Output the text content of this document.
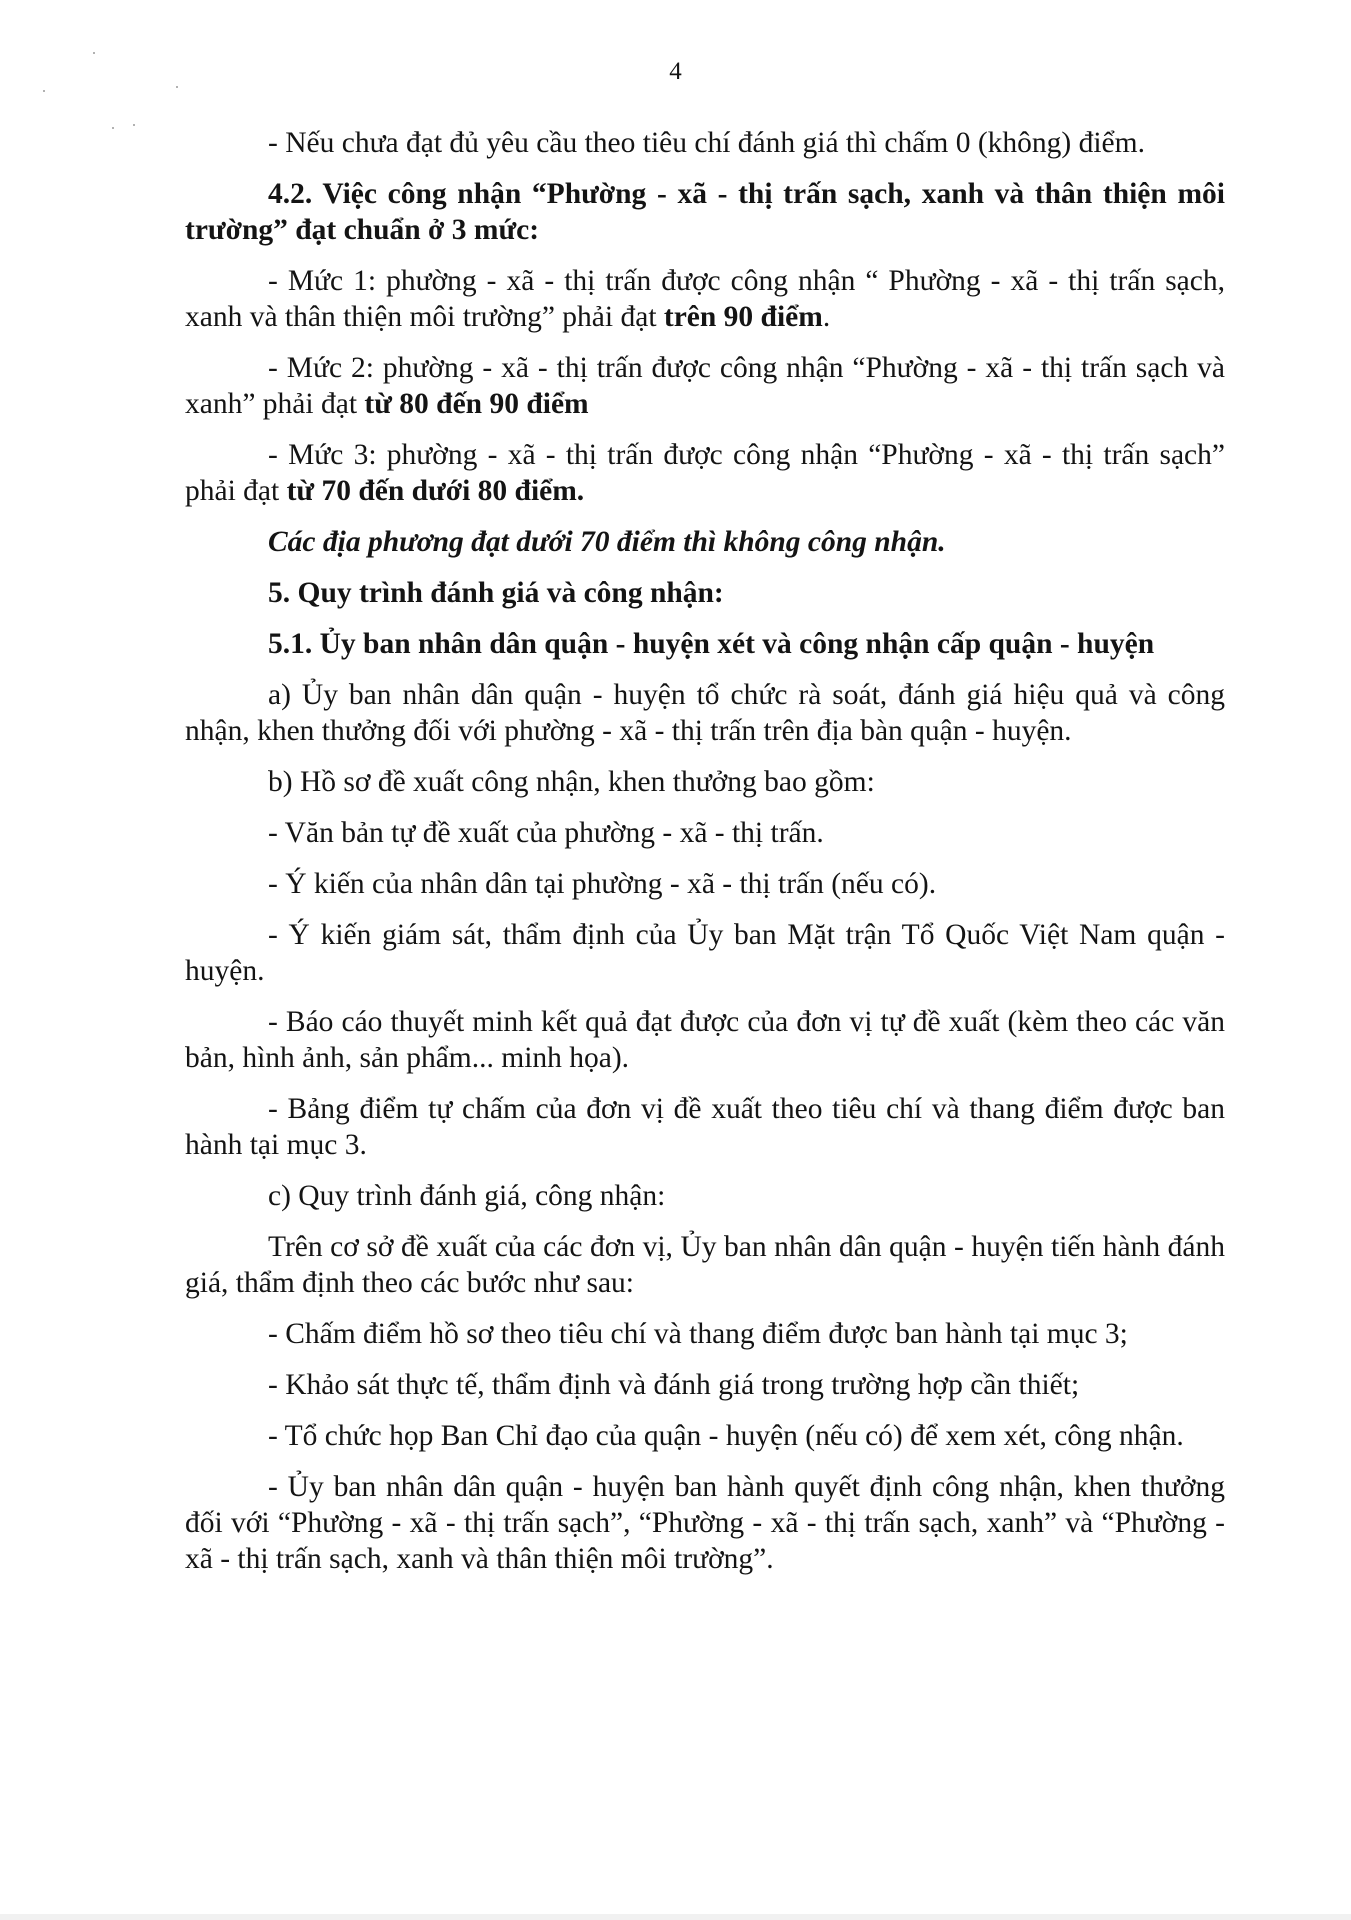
4

- Nếu chưa đạt đủ yêu cầu theo tiêu chí đánh giá thì chấm 0 (không) điểm.

4.2. Việc công nhận “Phường - xã - thị trấn sạch, xanh và thân thiện môi trường” đạt chuẩn ở 3 mức:

- Mức 1: phường - xã - thị trấn được công nhận “ Phường - xã - thị trấn sạch, xanh và thân thiện môi trường” phải đạt trên 90 điểm.

- Mức 2: phường - xã - thị trấn được công nhận “Phường - xã - thị trấn sạch và xanh” phải đạt từ 80 đến 90 điểm

- Mức 3: phường - xã - thị trấn được công nhận “Phường - xã - thị trấn sạch” phải đạt từ 70 đến dưới 80 điểm.

Các địa phương đạt dưới 70 điểm thì không công nhận.

5. Quy trình đánh giá và công nhận:

5.1. Ủy ban nhân dân quận - huyện xét và công nhận cấp quận - huyện

a) Ủy ban nhân dân quận - huyện tổ chức rà soát, đánh giá hiệu quả và công nhận, khen thưởng đối với phường - xã - thị trấn trên địa bàn quận - huyện.

b) Hồ sơ đề xuất công nhận, khen thưởng bao gồm:

- Văn bản tự đề xuất của phường - xã - thị trấn.

- Ý kiến của nhân dân tại phường - xã - thị trấn (nếu có).

- Ý kiến giám sát, thẩm định của Ủy ban Mặt trận Tổ Quốc Việt Nam quận - huyện.

- Báo cáo thuyết minh kết quả đạt được của đơn vị tự đề xuất (kèm theo các văn bản, hình ảnh, sản phẩm... minh họa).

- Bảng điểm tự chấm của đơn vị đề xuất theo tiêu chí và thang điểm được ban hành tại mục 3.

c) Quy trình đánh giá, công nhận:

Trên cơ sở đề xuất của các đơn vị, Ủy ban nhân dân quận - huyện tiến hành đánh giá, thẩm định theo các bước như sau:

- Chấm điểm hồ sơ theo tiêu chí và thang điểm được ban hành tại mục 3;

- Khảo sát thực tế, thẩm định và đánh giá trong trường hợp cần thiết;

- Tổ chức họp Ban Chỉ đạo của quận - huyện (nếu có) để xem xét, công nhận.

- Ủy ban nhân dân quận - huyện ban hành quyết định công nhận, khen thưởng đối với “Phường - xã - thị trấn sạch”, “Phường - xã - thị trấn sạch, xanh” và “Phường - xã - thị trấn sạch, xanh và thân thiện môi trường”.
